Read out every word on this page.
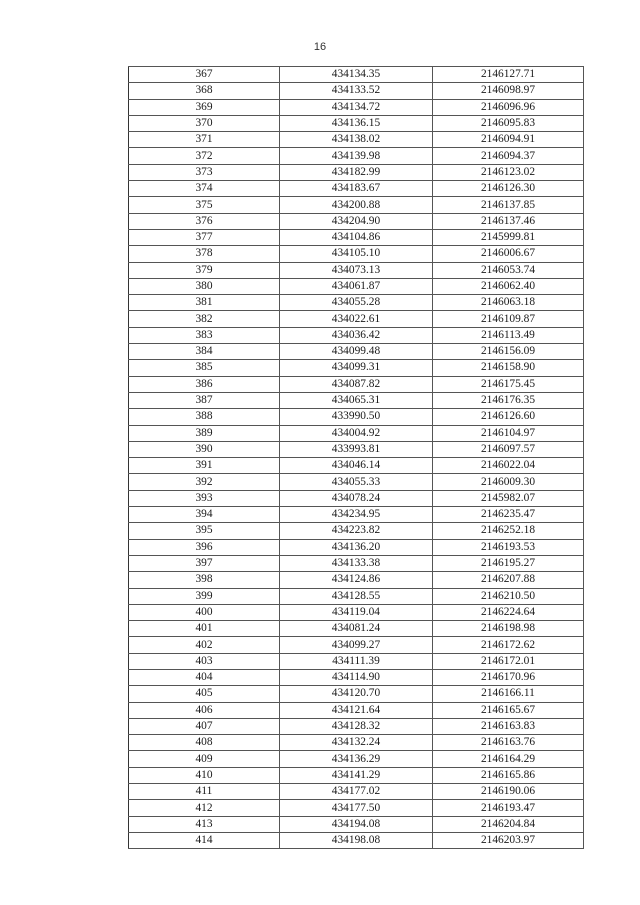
16
367	434134.35	2146127.71
368	434133.52	2146098.97
369	434134.72	2146096.96
370	434136.15	2146095.83
371	434138.02	2146094.91
372	434139.98	2146094.37
373	434182.99	2146123.02
374	434183.67	2146126.30
375	434200.88	2146137.85
376	434204.90	2146137.46
377	434104.86	2145999.81
378	434105.10	2146006.67
379	434073.13	2146053.74
380	434061.87	2146062.40
381	434055.28	2146063.18
382	434022.61	2146109.87
383	434036.42	2146113.49
384	434099.48	2146156.09
385	434099.31	2146158.90
386	434087.82	2146175.45
387	434065.31	2146176.35
388	433990.50	2146126.60
389	434004.92	2146104.97
390	433993.81	2146097.57
391	434046.14	2146022.04
392	434055.33	2146009.30
393	434078.24	2145982.07
394	434234.95	2146235.47
395	434223.82	2146252.18
396	434136.20	2146193.53
397	434133.38	2146195.27
398	434124.86	2146207.88
399	434128.55	2146210.50
400	434119.04	2146224.64
401	434081.24	2146198.98
402	434099.27	2146172.62
403	434111.39	2146172.01
404	434114.90	2146170.96
405	434120.70	2146166.11
406	434121.64	2146165.67
407	434128.32	2146163.83
408	434132.24	2146163.76
409	434136.29	2146164.29
410	434141.29	2146165.86
411	434177.02	2146190.06
412	434177.50	2146193.47
413	434194.08	2146204.84
414	434198.08	2146203.97
